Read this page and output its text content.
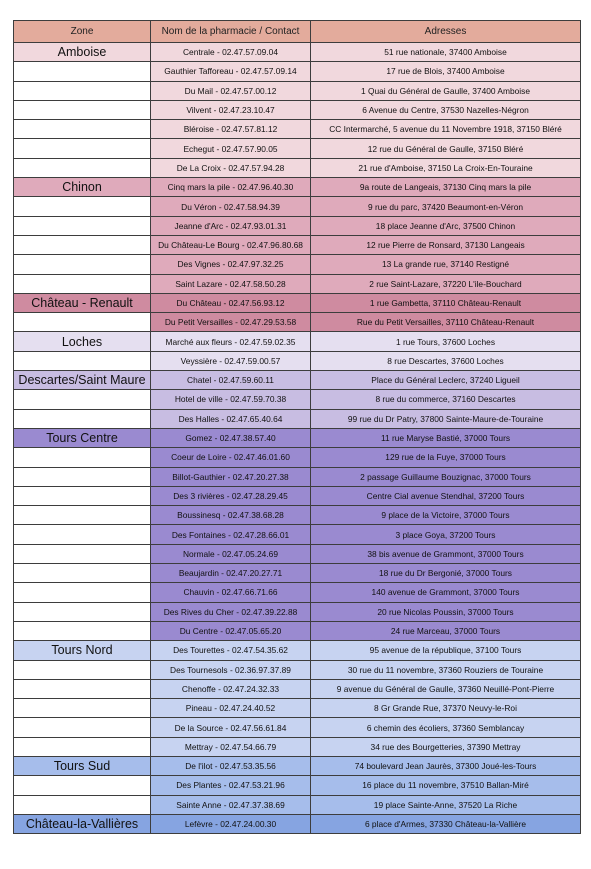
Zone	Nom de la pharmacie / Contact	Adresses
Amboise	Centrale - 02.47.57.09.04	51 rue nationale, 37400 Amboise
	Gauthier Tafforeau - 02.47.57.09.14	17 rue de Blois, 37400 Amboise
	Du Mail - 02.47.57.00.12	1 Quai du Général de Gaulle, 37400 Amboise
	Vilvent - 02.47.23.10.47	6 Avenue du Centre, 37530 Nazelles-Négron
	Bléroise - 02.47.57.81.12	CC Intermarché, 5 avenue du 11 Novembre 1918, 37150 Bléré
	Echegut - 02.47.57.90.05	12 rue du Général de Gaulle, 37150 Bléré
	De La Croix - 02.47.57.94.28	21 rue d'Amboise, 37150 La Croix-En-Touraine
Chinon	Cinq mars la pile - 02.47.96.40.30	9a route de Langeais, 37130 Cinq mars la pile
	Du Véron - 02.47.58.94.39	9 rue du parc, 37420 Beaumont-en-Véron
	Jeanne d'Arc - 02.47.93.01.31	18 place Jeanne d'Arc, 37500 Chinon
	Du Château-Le Bourg - 02.47.96.80.68	12 rue Pierre de Ronsard, 37130 Langeais
	Des Vignes - 02.47.97.32.25	13 La grande rue, 37140 Restigné
	Saint Lazare - 02.47.58.50.28	2 rue Saint-Lazare, 37220 L'ile-Bouchard
Château - Renault	Du Château - 02.47.56.93.12	1 rue Gambetta, 37110 Château-Renault
	Du Petit Versailles - 02.47.29.53.58	Rue du Petit Versailles, 37110 Château-Renault
Loches	Marché aux fleurs - 02.47.59.02.35	1 rue Tours, 37600 Loches
	Veyssière - 02.47.59.00.57	8 rue Descartes, 37600 Loches
Descartes/Saint Maure	Chatel - 02.47.59.60.11	Place du Général Leclerc, 37240 Ligueil
	Hotel de ville - 02.47.59.70.38	8 rue du commerce, 37160 Descartes
	Des Halles - 02.47.65.40.64	99 rue du Dr Patry, 37800 Sainte-Maure-de-Touraine
Tours Centre	Gomez - 02.47.38.57.40	11 rue Maryse Bastié, 37000 Tours
	Coeur de Loire - 02.47.46.01.60	129 rue de la Fuye, 37000 Tours
	Billot-Gauthier - 02.47.20.27.38	2 passage Guillaume Bouzignac, 37000 Tours
	Des 3 rivières - 02.47.28.29.45	Centre Cial avenue Stendhal, 37200 Tours
	Boussinesq - 02.47.38.68.28	9 place de la Victoire, 37000 Tours
	Des Fontaines - 02.47.28.66.01	3 place Goya, 37200 Tours
	Normale - 02.47.05.24.69	38 bis avenue de Grammont, 37000 Tours
	Beaujardin - 02.47.20.27.71	18 rue du Dr Bergonié, 37000 Tours
	Chauvin - 02.47.66.71.66	140 avenue de Grammont, 37000 Tours
	Des Rives du Cher - 02.47.39.22.88	20 rue Nicolas Poussin, 37000 Tours
	Du Centre - 02.47.05.65.20	24 rue Marceau, 37000 Tours
Tours Nord	Des Tourettes - 02.47.54.35.62	95 avenue de la république, 37100 Tours
	Des Tournesols - 02.36.97.37.89	30 rue du 11 novembre, 37360 Rouziers de Touraine
	Chenoffe - 02.47.24.32.33	9 avenue du Général de Gaulle, 37360 Neuillé-Pont-Pierre
	Pineau - 02.47.24.40.52	8 Gr Grande Rue, 37370 Neuvy-le-Roi
	De la Source - 02.47.56.61.84	6 chemin des écoliers, 37360 Semblancay
	Mettray - 02.47.54.66.79	34 rue des Bourgetteries, 37390 Mettray
Tours Sud	De l'ilot - 02.47.53.35.56	74 boulevard Jean Jaurès, 37300 Joué-les-Tours
	Des Plantes - 02.47.53.21.96	16 place du 11 novembre, 37510 Ballan-Miré
	Sainte Anne - 02.47.37.38.69	19 place Sainte-Anne, 37520 La Riche
Château-la-Vallières	Lefèvre - 02.47.24.00.30	6 place d'Armes, 37330 Château-la-Vallière
